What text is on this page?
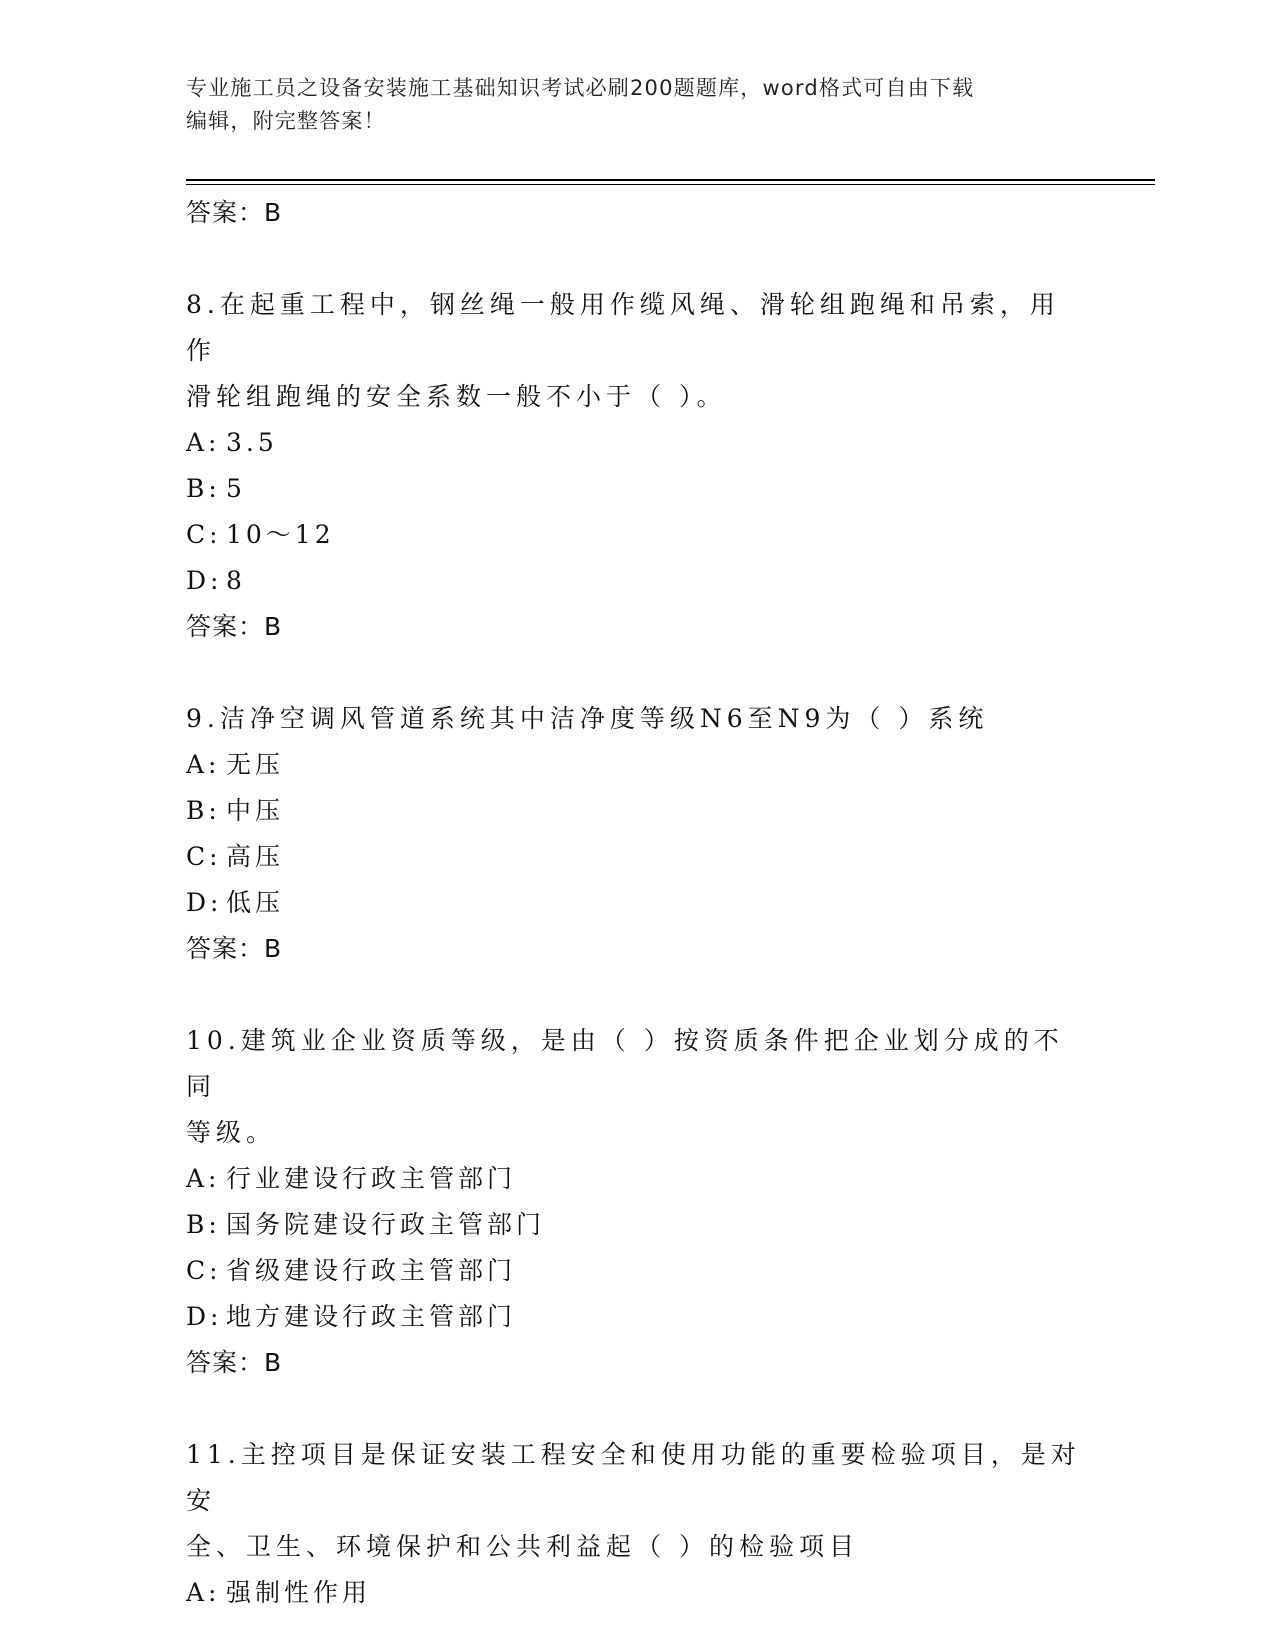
专业施工员之设备安装施工基础知识考试必刷200题题库，word格式可自由下载
编辑，附完整答案！
答案：B
8.在起重工程中，钢丝绳一般用作缆风绳、滑轮组跑绳和吊索，用作
滑轮组跑绳的安全系数一般不小于（ ）。
A: 3.5
B: 5
C: 10～12
D: 8
答案：B
9.洁净空调风管道系统其中洁净度等级N6至N9为（ ）系统
A: 无压
B: 中压
C: 高压
D: 低压
答案：B
10.建筑业企业资质等级，是由（ ）按资质条件把企业划分成的不同
等级。
A: 行业建设行政主管部门
B: 国务院建设行政主管部门
C: 省级建设行政主管部门
D: 地方建设行政主管部门
答案：B
11.主控项目是保证安装工程安全和使用功能的重要检验项目，是对安
全、卫生、环境保护和公共利益起（ ）的检验项目
A: 强制性作用
